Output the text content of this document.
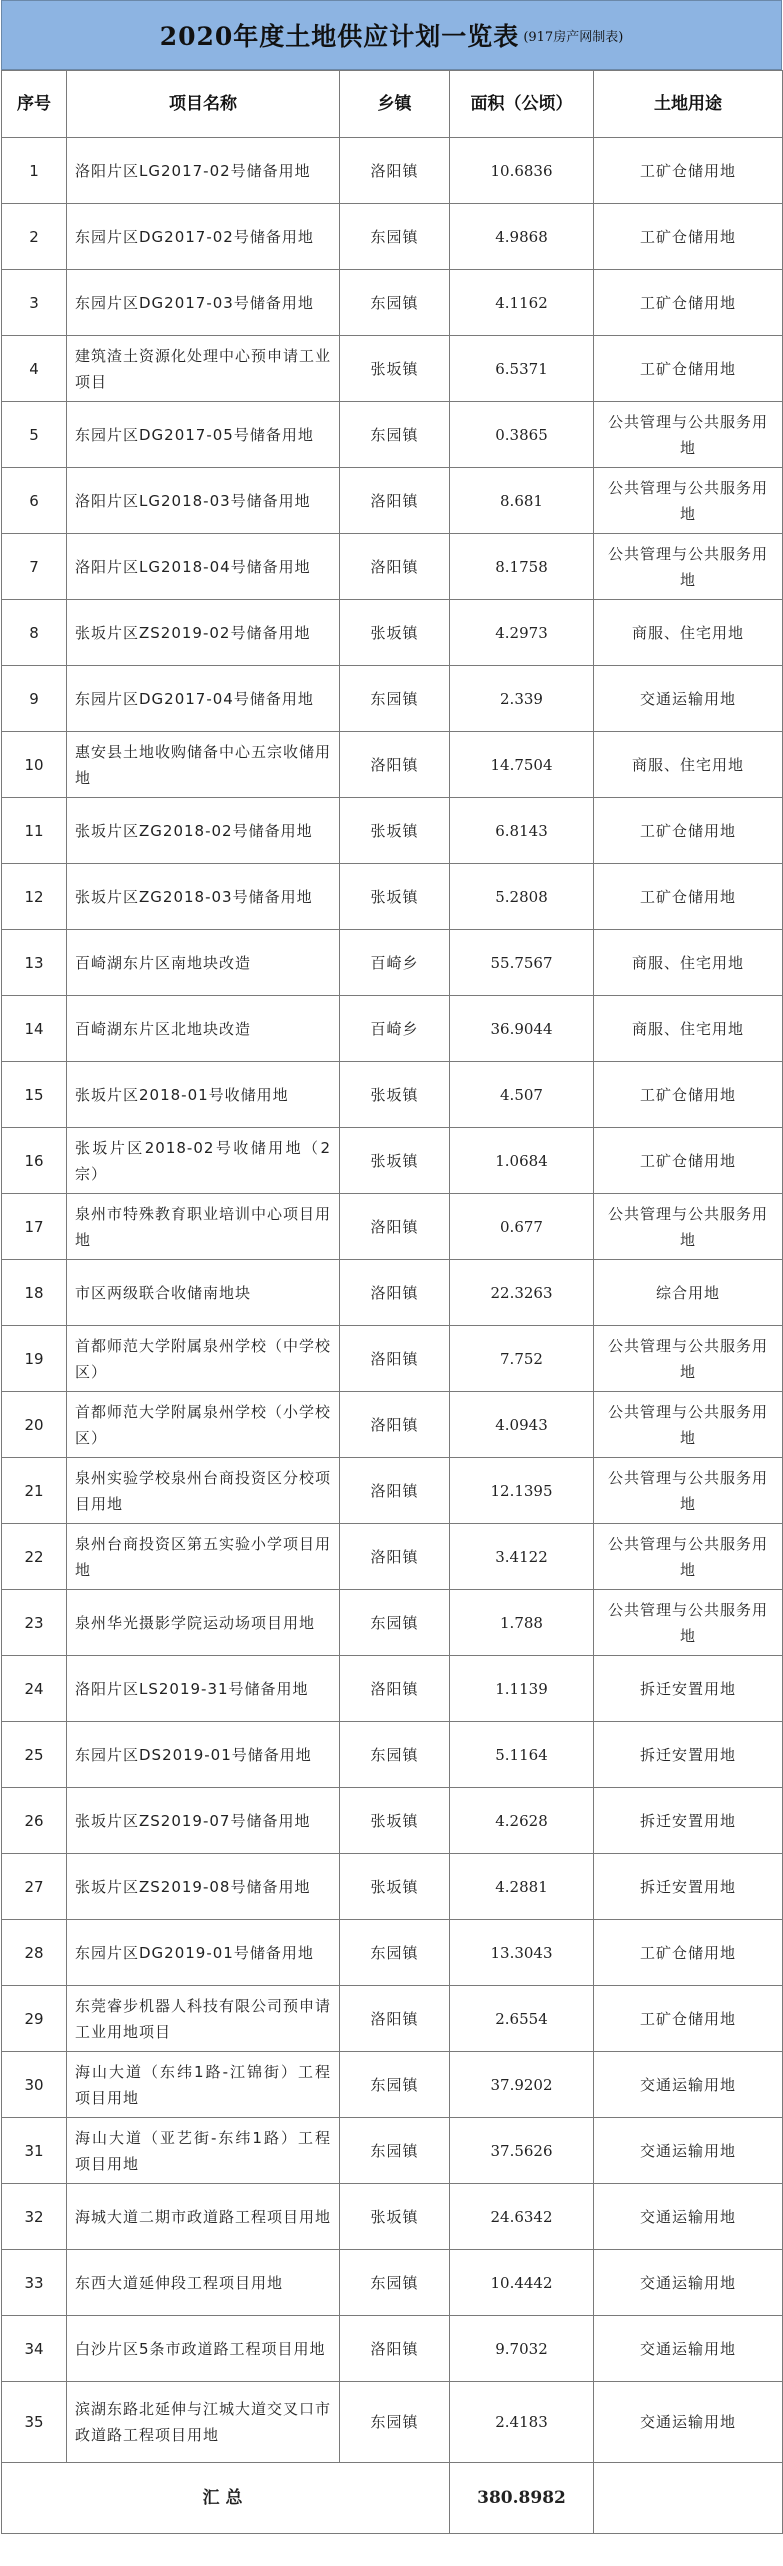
2020年度土地供应计划一览表 (917房产网制表)
序号	项目名称	乡镇	面积（公顷）	土地用途
1	洛阳片区LG2017-02号储备用地	洛阳镇	10.6836	工矿仓储用地
2	东园片区DG2017-02号储备用地	东园镇	4.9868	工矿仓储用地
3	东园片区DG2017-03号储备用地	东园镇	4.1162	工矿仓储用地
4	建筑渣土资源化处理中心预申请工业项目	张坂镇	6.5371	工矿仓储用地
5	东园片区DG2017-05号储备用地	东园镇	0.3865	公共管理与公共服务用地
6	洛阳片区LG2018-03号储备用地	洛阳镇	8.681	公共管理与公共服务用地
7	洛阳片区LG2018-04号储备用地	洛阳镇	8.1758	公共管理与公共服务用地
8	张坂片区ZS2019-02号储备用地	张坂镇	4.2973	商服、住宅用地
9	东园片区DG2017-04号储备用地	东园镇	2.339	交通运输用地
10	惠安县土地收购储备中心五宗收储用地	洛阳镇	14.7504	商服、住宅用地
11	张坂片区ZG2018-02号储备用地	张坂镇	6.8143	工矿仓储用地
12	张坂片区ZG2018-03号储备用地	张坂镇	5.2808	工矿仓储用地
13	百崎湖东片区南地块改造	百崎乡	55.7567	商服、住宅用地
14	百崎湖东片区北地块改造	百崎乡	36.9044	商服、住宅用地
15	张坂片区2018-01号收储用地	张坂镇	4.507	工矿仓储用地
16	张坂片区2018-02号收储用地（2宗）	张坂镇	1.0684	工矿仓储用地
17	泉州市特殊教育职业培训中心项目用地	洛阳镇	0.677	公共管理与公共服务用地
18	市区两级联合收储南地块	洛阳镇	22.3263	综合用地
19	首都师范大学附属泉州学校（中学校区）	洛阳镇	7.752	公共管理与公共服务用地
20	首都师范大学附属泉州学校（小学校区）	洛阳镇	4.0943	公共管理与公共服务用地
21	泉州实验学校泉州台商投资区分校项目用地	洛阳镇	12.1395	公共管理与公共服务用地
22	泉州台商投资区第五实验小学项目用地	洛阳镇	3.4122	公共管理与公共服务用地
23	泉州华光摄影学院运动场项目用地	东园镇	1.788	公共管理与公共服务用地
24	洛阳片区LS2019-31号储备用地	洛阳镇	1.1139	拆迁安置用地
25	东园片区DS2019-01号储备用地	东园镇	5.1164	拆迁安置用地
26	张坂片区ZS2019-07号储备用地	张坂镇	4.2628	拆迁安置用地
27	张坂片区ZS2019-08号储备用地	张坂镇	4.2881	拆迁安置用地
28	东园片区DG2019-01号储备用地	东园镇	13.3043	工矿仓储用地
29	东莞睿步机器人科技有限公司预申请工业用地项目	洛阳镇	2.6554	工矿仓储用地
30	海山大道（东纬1路-江锦街）工程项目用地	东园镇	37.9202	交通运输用地
31	海山大道（亚艺街-东纬1路）工程项目用地	东园镇	37.5626	交通运输用地
32	海城大道二期市政道路工程项目用地	张坂镇	24.6342	交通运输用地
33	东西大道延伸段工程项目用地	东园镇	10.4442	交通运输用地
34	白沙片区5条市政道路工程项目用地	洛阳镇	9.7032	交通运输用地
35	滨湖东路北延伸与江城大道交叉口市政道路工程项目用地	东园镇	2.4183	交通运输用地
汇总			380.8982	
